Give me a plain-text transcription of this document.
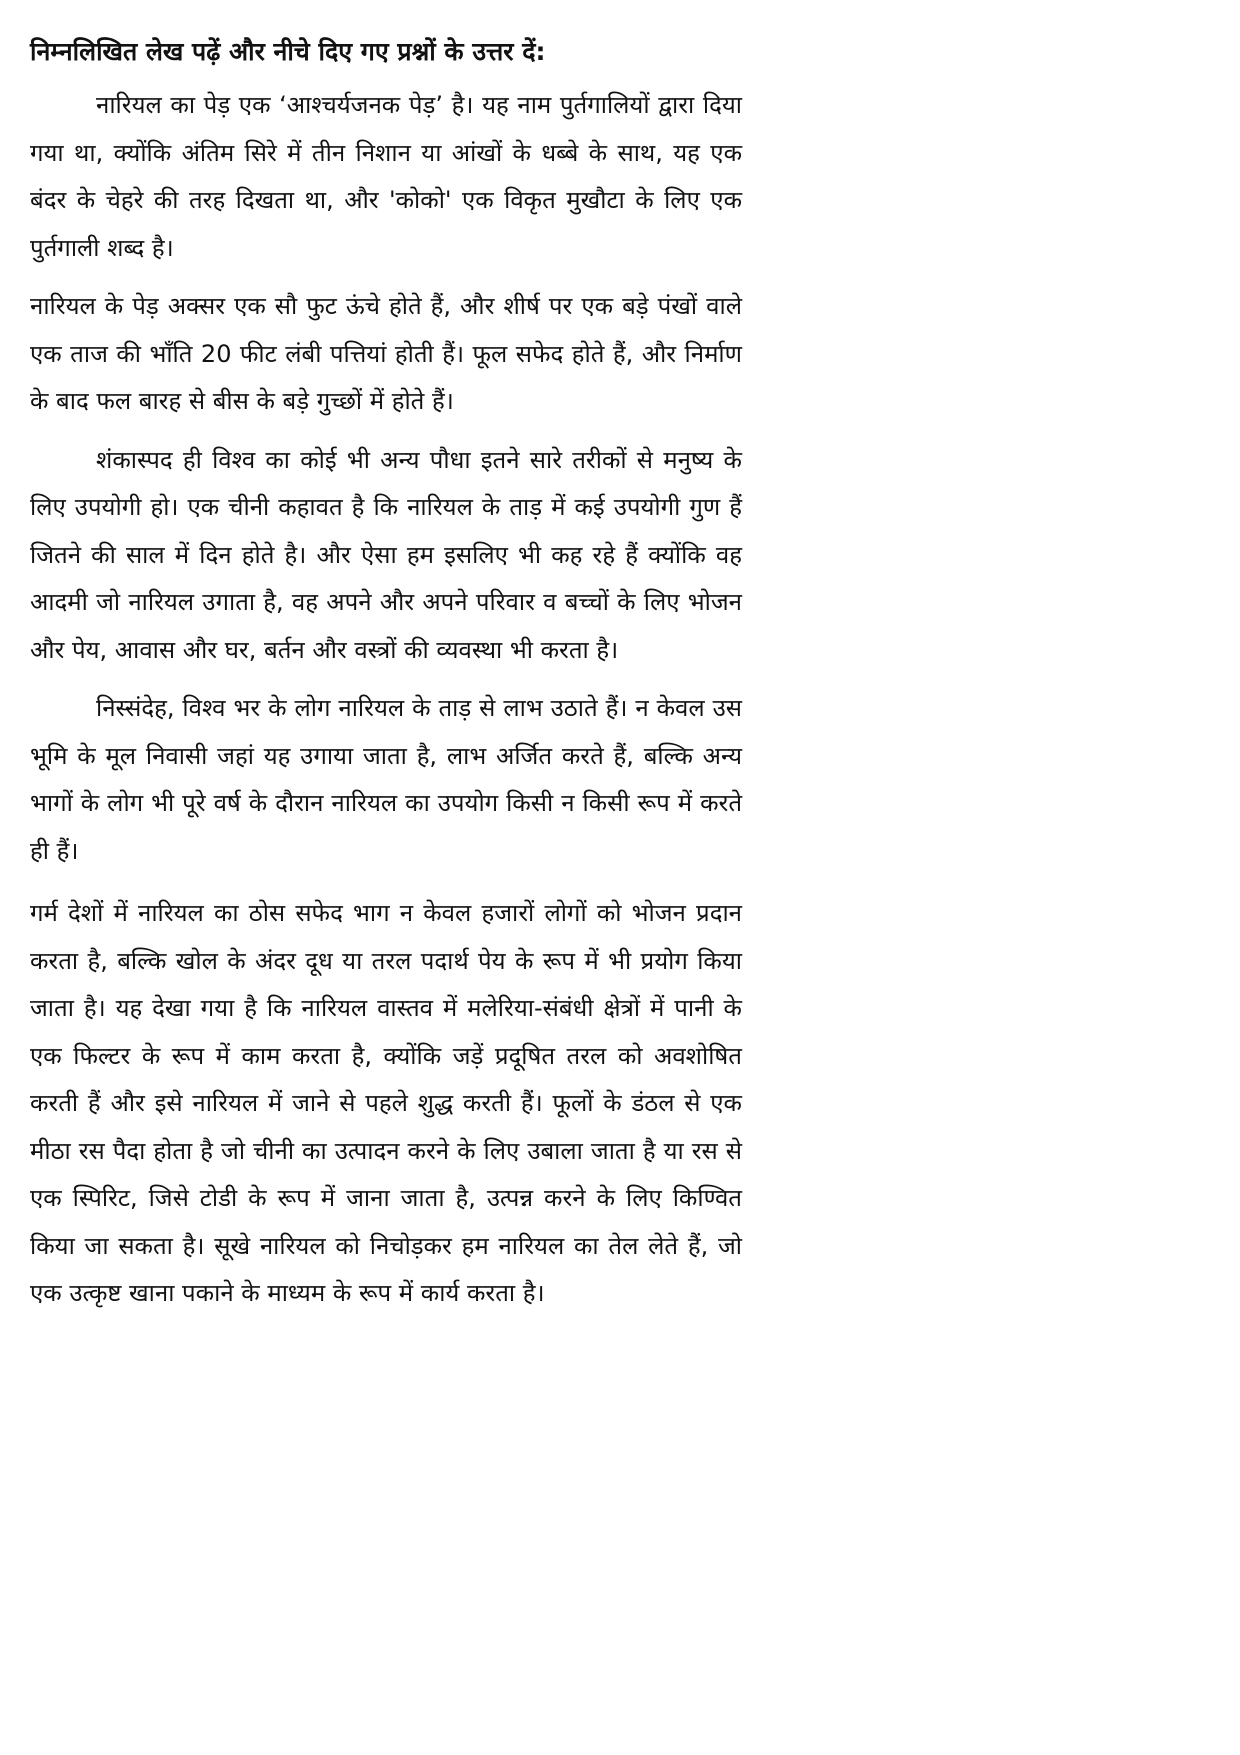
निम्नलिखित लेख पढ़ें और नीचे दिए गए प्रश्नों के उत्तर दें:

नारियल का पेड़ एक ‘आश्चर्यजनक पेड़’ है। यह नाम पुर्तगालियों द्वारा दिया गया था, क्योंकि अंतिम सिरे में तीन निशान या आंखों के धब्बे के साथ, यह एक बंदर के चेहरे की तरह दिखता था, और 'कोको' एक विकृत मुखौटा के लिए एक पुर्तगाली शब्द है।

नारियल के पेड़ अक्सर एक सौ फुट ऊंचे होते हैं, और शीर्ष पर एक बड़े पंखों वाले एक ताज की भाँति 20 फीट लंबी पत्तियां होती हैं। फूल सफेद होते हैं, और निर्माण के बाद फल बारह से बीस के बड़े गुच्छों में होते हैं।

शंकास्पद ही विश्व का कोई भी अन्य पौधा इतने सारे तरीकों से मनुष्य के लिए उपयोगी हो। एक चीनी कहावत है कि नारियल के ताड़ में कई उपयोगी गुण हैं जितने की साल में दिन होते है। और ऐसा हम इसलिए भी कह रहे हैं क्योंकि वह आदमी जो नारियल उगाता है, वह अपने और अपने परिवार व बच्चों के लिए भोजन और पेय, आवास और घर, बर्तन और वस्त्रों की व्यवस्था भी करता है।

निस्संदेह, विश्व भर के लोग नारियल के ताड़ से लाभ उठाते हैं। न केवल उस भूमि के मूल निवासी जहां यह उगाया जाता है, लाभ अर्जित करते हैं, बल्कि अन्य भागों के लोग भी पूरे वर्ष के दौरान नारियल का उपयोग किसी न किसी रूप में करते ही हैं।

गर्म देशों में नारियल का ठोस सफेद भाग न केवल हजारों लोगों को भोजन प्रदान करता है, बल्कि खोल के अंदर दूध या तरल पदार्थ पेय के रूप में भी प्रयोग किया जाता है। यह देखा गया है कि नारियल वास्तव में मलेरिया-संबंधी क्षेत्रों में पानी के एक फिल्टर के रूप में काम करता है, क्योंकि जड़ें प्रदूषित तरल को अवशोषित करती हैं और इसे नारियल में जाने से पहले शुद्ध करती हैं। फूलों के डंठल से एक मीठा रस पैदा होता है जो चीनी का उत्पादन करने के लिए उबाला जाता है या रस से एक स्पिरिट, जिसे टोडी के रूप में जाना जाता है, उत्पन्न करने के लिए किण्वित किया जा सकता है। सूखे नारियल को निचोड़कर हम नारियल का तेल लेते हैं, जो एक उत्कृष्ट खाना पकाने के माध्यम के रूप में कार्य करता है।
